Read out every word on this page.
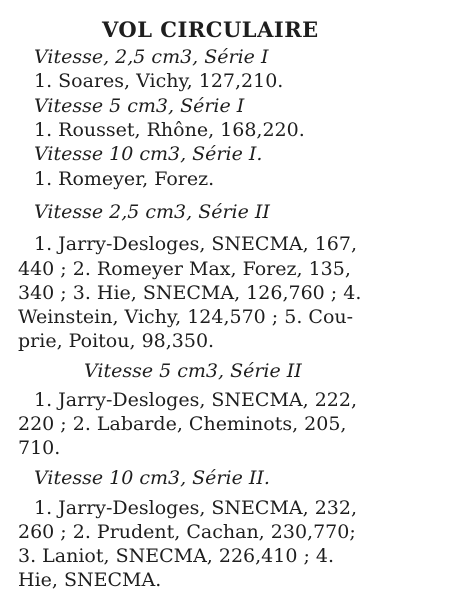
VOL CIRCULAIRE
Vitesse, 2,5 cm3, Série I
1. Soares, Vichy, 127,210.
Vitesse 5 cm3, Série I
1. Rousset, Rhône, 168,220.
Vitesse 10 cm3, Série I.
1. Romeyer, Forez.
Vitesse 2,5 cm3, Série II
1. Jarry-Desloges, SNECMA, 167,
440 ; 2. Romeyer Max, Forez, 135,
340 ; 3. Hie, SNECMA, 126,760 ; 4.
Weinstein, Vichy, 124,570 ; 5. Cou-
prie, Poitou, 98,350.
Vitesse 5 cm3, Série II
1. Jarry-Desloges, SNECMA, 222,
220 ; 2. Labarde, Cheminots, 205,
710.
Vitesse 10 cm3, Série II.
1. Jarry-Desloges, SNECMA, 232,
260 ; 2. Prudent, Cachan, 230,770;
3. Laniot, SNECMA, 226,410 ; 4.
Hie, SNECMA.
